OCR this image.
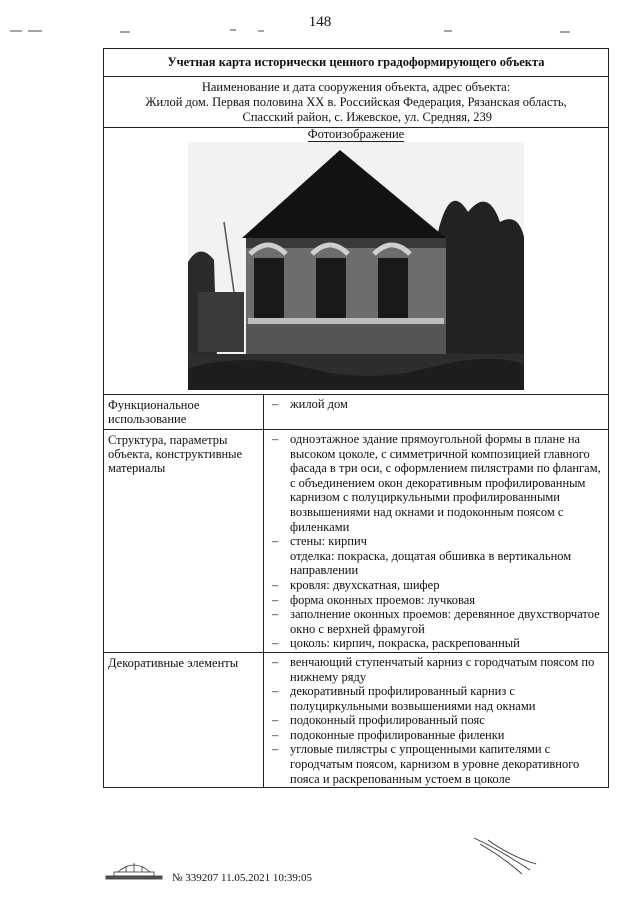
148
Учетная карта исторически ценного градоформирующего объекта
Наименование и дата сооружения объекта, адрес объекта:
Жилой дом. Первая половина XX в. Российская Федерация, Рязанская область,
Спасский район, с. Ижевское, ул. Средняя, 239
Фотоизображение
Функциональное использование
– жилой дом
Структура, параметры объекта, конструктивные материалы
– одноэтажное здание прямоугольной формы в плане на высоком цоколе, с симметричной композицией главного фасада в три оси, с оформлением пилястрами по флангам, с объединением окон декоративным профилированным карнизом с полуциркульными профилированными возвышениями над окнами и подоконным поясом с филенками
– стены: кирпич
отделка: покраска, дощатая обшивка в вертикальном направлении
– кровля: двухскатная, шифер
– форма оконных проемов: лучковая
– заполнение оконных проемов: деревянное двухстворчатое окно с верхней фрамугой
– цоколь: кирпич, покраска, раскрепованный
Декоративные элементы	– венчающий ступенчатый карниз с городчатым поясом по нижнему ряду
– декоративный профилированный карниз с полуциркульными возвышениями над окнами
– подоконный профилированный пояс
– подоконные профилированные филенки
– угловые пилястры с упрощенными капителями с городчатым поясом, карнизом в уровне декоративного пояса и раскрепованным устоем в цоколе
№ 339207 11.05.2021 10:39:05
